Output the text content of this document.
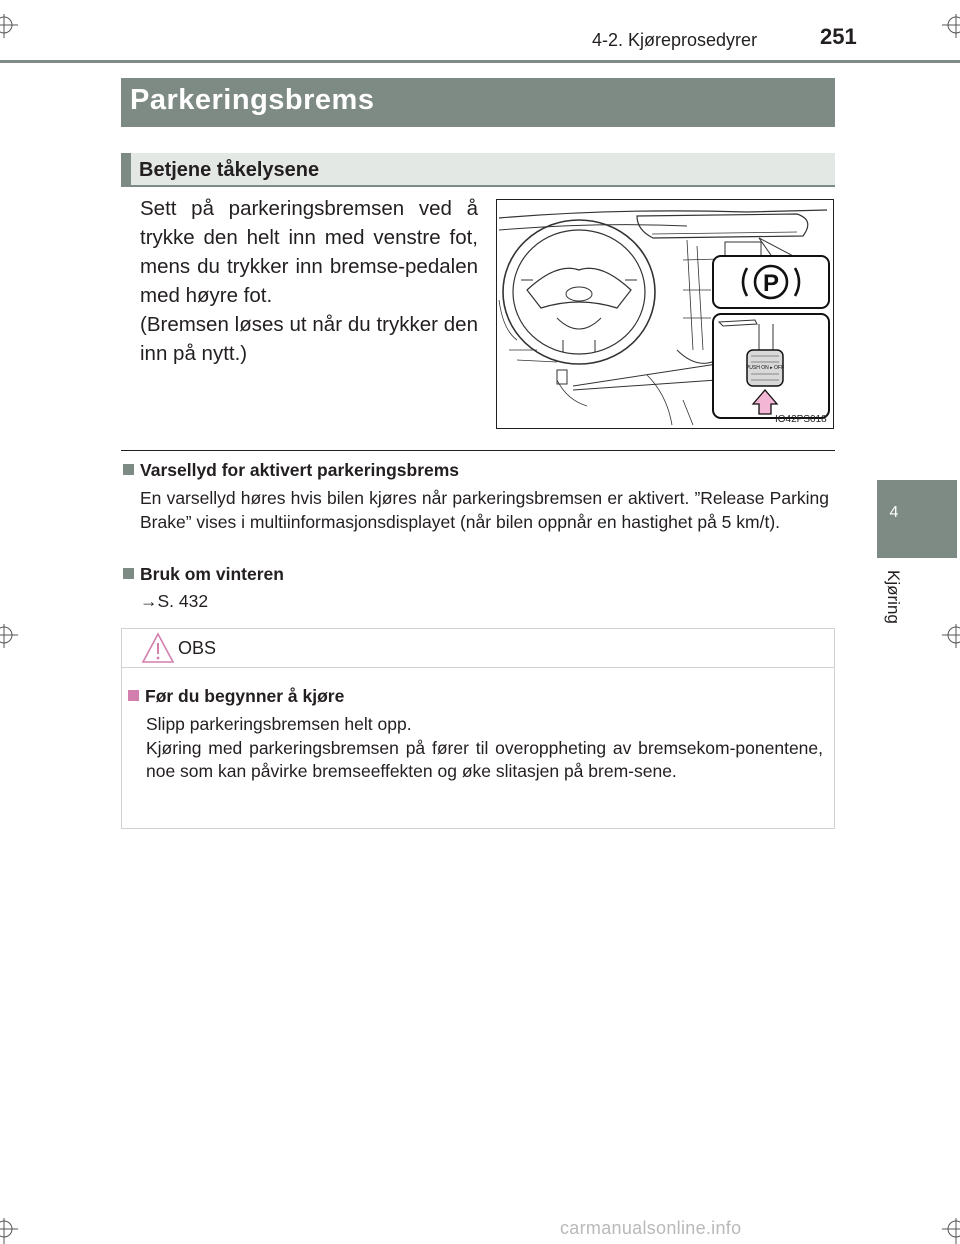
4-2. Kjøreprosedyrer	251
Parkeringsbrems
Betjene tåkelysene

Sett på parkeringsbremsen ved å trykke den helt inn med venstre fot, mens du trykker inn bremse-pedalen med høyre fot.

(Bremsen løses ut når du trykker den inn på nytt.)

P
PUSH ON ▸ OFF
IO42PS018
Varsellyd for aktivert parkeringsbrems
En varsellyd høres hvis bilen kjøres når parkeringsbremsen er aktivert. ”Release Parking Brake” vises i multiinformasjonsdisplayet (når bilen oppnår en hastighet på 5 km/t).
Bruk om vinteren
→S. 432
OBS
Før du begynner å kjøre

Slipp parkeringsbremsen helt opp.

Kjøring med parkeringsbremsen på fører til overoppheting av bremsekom-ponentene, noe som kan påvirke bremseeffekten og øke slitasjen på brem-sene.

4
Kjøring
carmanualsonline.info
